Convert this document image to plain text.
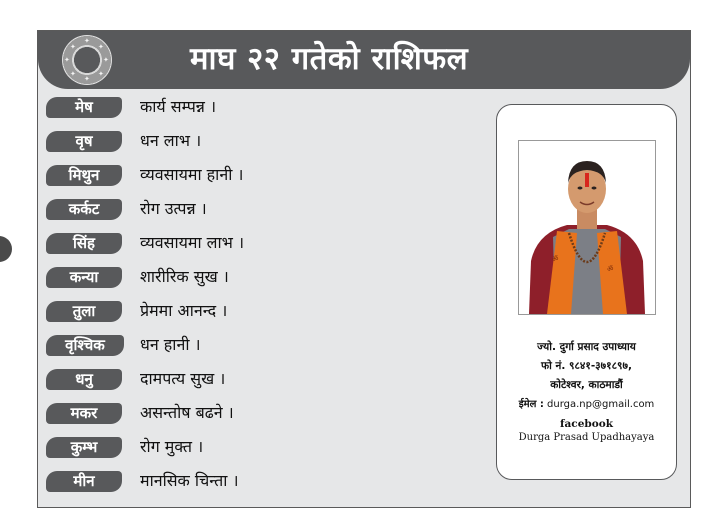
✦
✦
✦
✦
✦
✦
✦
✦	माघ २२ गतेको राशिफल
मेष	कार्य सम्पन्न ।
वृष	धन लाभ ।
मिथुन	व्यवसायमा हानी ।
कर्कट	रोग उत्पन्न ।
सिंह	व्यवसायमा लाभ ।
कन्या	शारीरिक सुख ।
तुला	प्रेममा आनन्द ।
वृश्चिक	धन हानी ।
धनु	दामपत्य सुख ।
मकर	असन्तोष बढने ।
कुम्भ	रोग मुक्त ।
मीन	मानसिक चिन्ता ।
ॐ
ॐ
ज्यो. दुर्गा प्रसाद उपाध्याय
फो नं. ९८४१-३७१८९७,
कोटेश्वर, काठमाडौं
ईमेल : durga.np@gmail.com
facebook
Durga Prasad Upadhayaya
